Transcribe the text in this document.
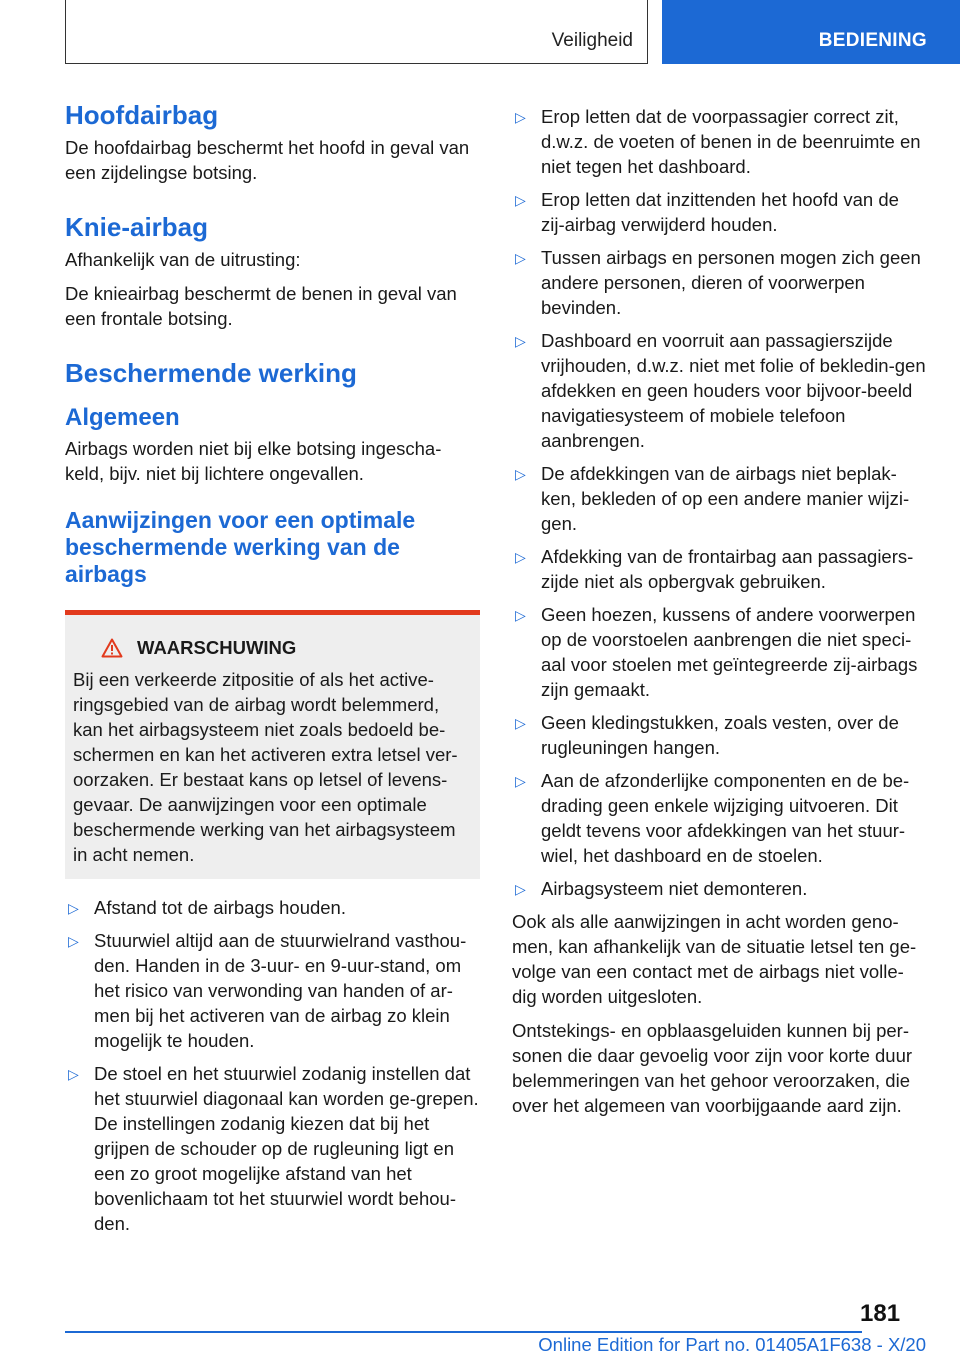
Veiligheid	BEDIENING
Hoofdairbag

De hoofdairbag beschermt het hoofd in geval van een zijdelingse botsing.

Knie-airbag

Afhankelijk van de uitrusting:

De knieairbag beschermt de benen in geval van een frontale botsing.

Beschermende werking
Algemeen

Airbags worden niet bij elke botsing ingescha-keld, bijv. niet bij lichtere ongevallen.

Aanwijzingen voor een optimale beschermende werking van de airbags
WAARSCHUWING

Bij een verkeerde zitpositie of als het active-ringsgebied van de airbag wordt belemmerd, kan het airbagsysteem niet zoals bedoeld be-schermen en kan het activeren extra letsel ver-oorzaken. Er bestaat kans op letsel of levens-gevaar. De aanwijzingen voor een optimale beschermende werking van het airbagsysteem in acht nemen.

▷ Afstand tot de airbags houden.
▷ Stuurwiel altijd aan de stuurwielrand vasthou-den. Handen in de 3-uur- en 9-uur-stand, om het risico van verwonding van handen of ar-men bij het activeren van de airbag zo klein mogelijk te houden.
▷ De stoel en het stuurwiel zodanig instellen dat het stuurwiel diagonaal kan worden ge-grepen. De instellingen zodanig kiezen dat bij het grijpen de schouder op de rugleuning ligt en een zo groot mogelijke afstand van het bovenlichaam tot het stuurwiel wordt behou-den.
▷ Erop letten dat de voorpassagier correct zit, d.w.z. de voeten of benen in de beenruimte en niet tegen het dashboard.
▷ Erop letten dat inzittenden het hoofd van de zij-airbag verwijderd houden.
▷ Tussen airbags en personen mogen zich geen andere personen, dieren of voorwerpen bevinden.
▷ Dashboard en voorruit aan passagierszijde vrijhouden, d.w.z. niet met folie of bekledin-gen afdekken en geen houders voor bijvoor-beeld navigatiesysteem of mobiele telefoon aanbrengen.
▷ De afdekkingen van de airbags niet beplak-ken, bekleden of op een andere manier wijzi-gen.
▷ Afdekking van de frontairbag aan passagiers-zijde niet als opbergvak gebruiken.
▷ Geen hoezen, kussens of andere voorwerpen op de voorstoelen aanbrengen die niet speci-aal voor stoelen met geïntegreerde zij-airbags zijn gemaakt.
▷ Geen kledingstukken, zoals vesten, over de rugleuningen hangen.
▷ Aan de afzonderlijke componenten en de be-drading geen enkele wijziging uitvoeren. Dit geldt tevens voor afdekkingen van het stuur-wiel, het dashboard en de stoelen.
▷ Airbagsysteem niet demonteren.

Ook als alle aanwijzingen in acht worden geno-men, kan afhankelijk van de situatie letsel ten ge-volge van een contact met de airbags niet volle-dig worden uitgesloten.

Ontstekings- en opblaasgeluiden kunnen bij per-sonen die daar gevoelig voor zijn voor korte duur belemmeringen van het gehoor veroorzaken, die over het algemeen van voorbijgaande aard zijn.

181
Online Edition for Part no. 01405A1F638 - X/20
